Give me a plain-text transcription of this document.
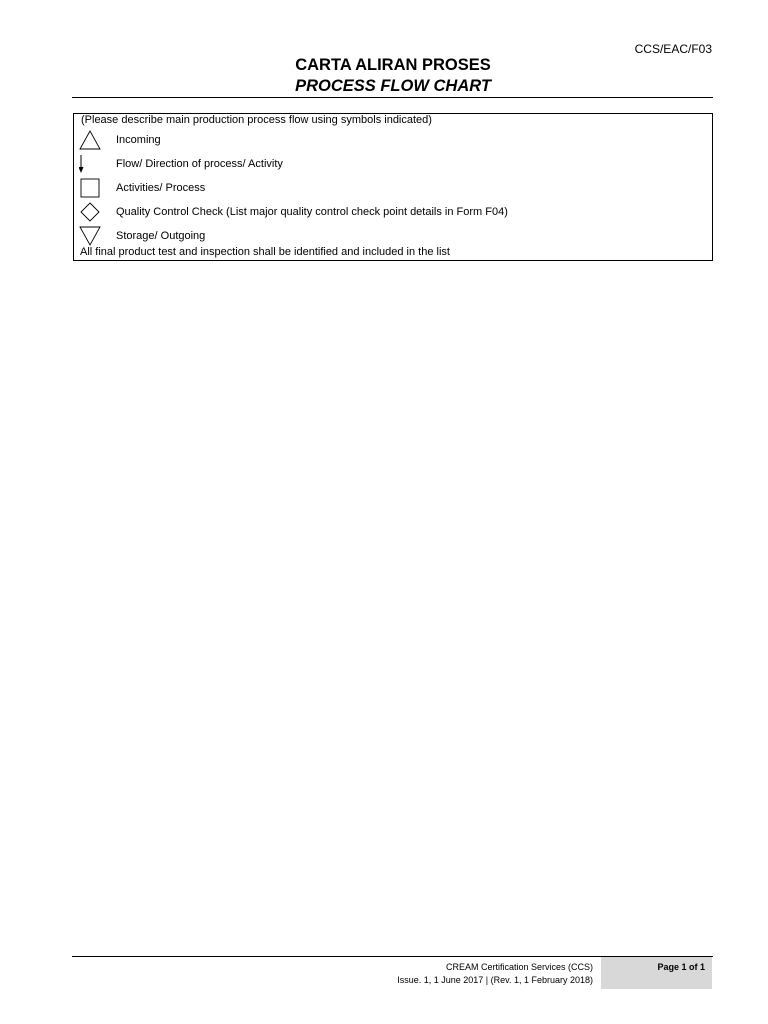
CCS/EAC/F03
CARTA ALIRAN PROSES
PROCESS FLOW CHART
(Please describe main production process flow using symbols indicated)
Incoming
Flow/ Direction of process/ Activity
Activities/ Process
Quality Control Check (List major quality control check point details in Form F04)
Storage/ Outgoing
All final product test and inspection shall be identified and included in the list
CREAM Certification Services (CCS)
Issue. 1, 1 June 2017 | (Rev. 1, 1 February 2018)
Page 1 of 1
